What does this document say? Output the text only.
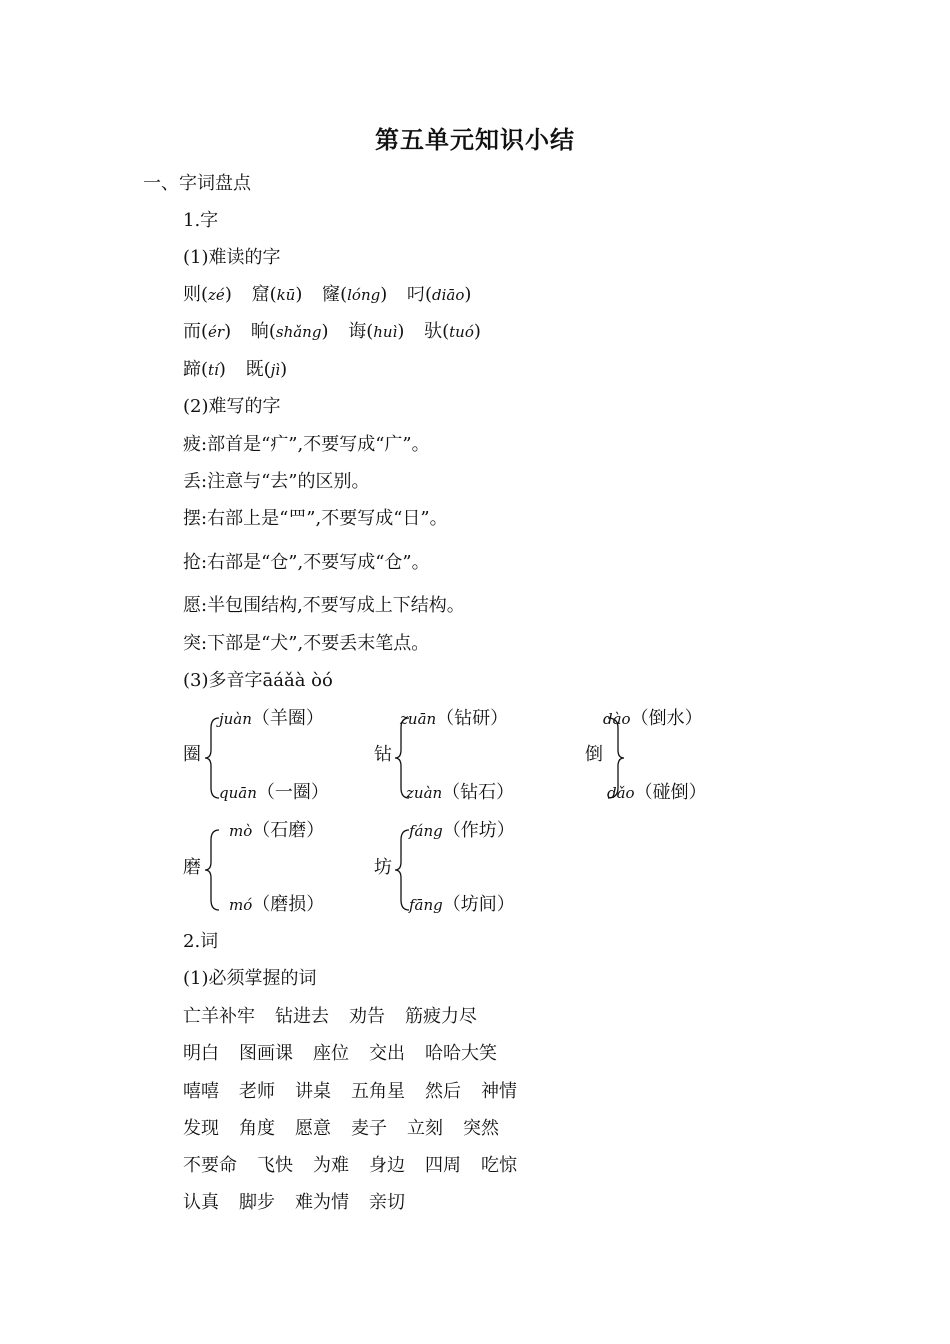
第五单元知识小结
一、字词盘点
1.字
(1)难读的字
则(zé) 窟(kū) 窿(lóng) 叼(diāo)
而(ér) 晌(shǎng) 诲(huì) 驮(tuó)
蹄(tí) 既(jì)
(2)难写的字
疲:部首是“疒”,不要写成“广”。
丢:注意与“去”的区别。
摆:右部上是“罒”,不要写成“日”。
抢:右部是“仓”,不要写成“仓”。
愿:半包围结构,不要写成上下结构。
突:下部是“犬”,不要丢末笔点。
(3)多音字āáǎà òó
圈
juàn（羊圈）
quān（一圈）
钻
zuān（钻研）
zuàn（钻石）
倒
dào（倒水）
dǎo（碰倒）
磨
mò（石磨）
mó（磨损）
坊
fáng（作坊）
fāng（坊间）
2.词
(1)必须掌握的词
亡羊补牢 钻进去 劝告 筋疲力尽
明白 图画课 座位 交出 哈哈大笑
嘻嘻 老师 讲桌 五角星 然后 神情
发现 角度 愿意 麦子 立刻 突然
不要命 飞快 为难 身边 四周 吃惊
认真 脚步 难为情 亲切
